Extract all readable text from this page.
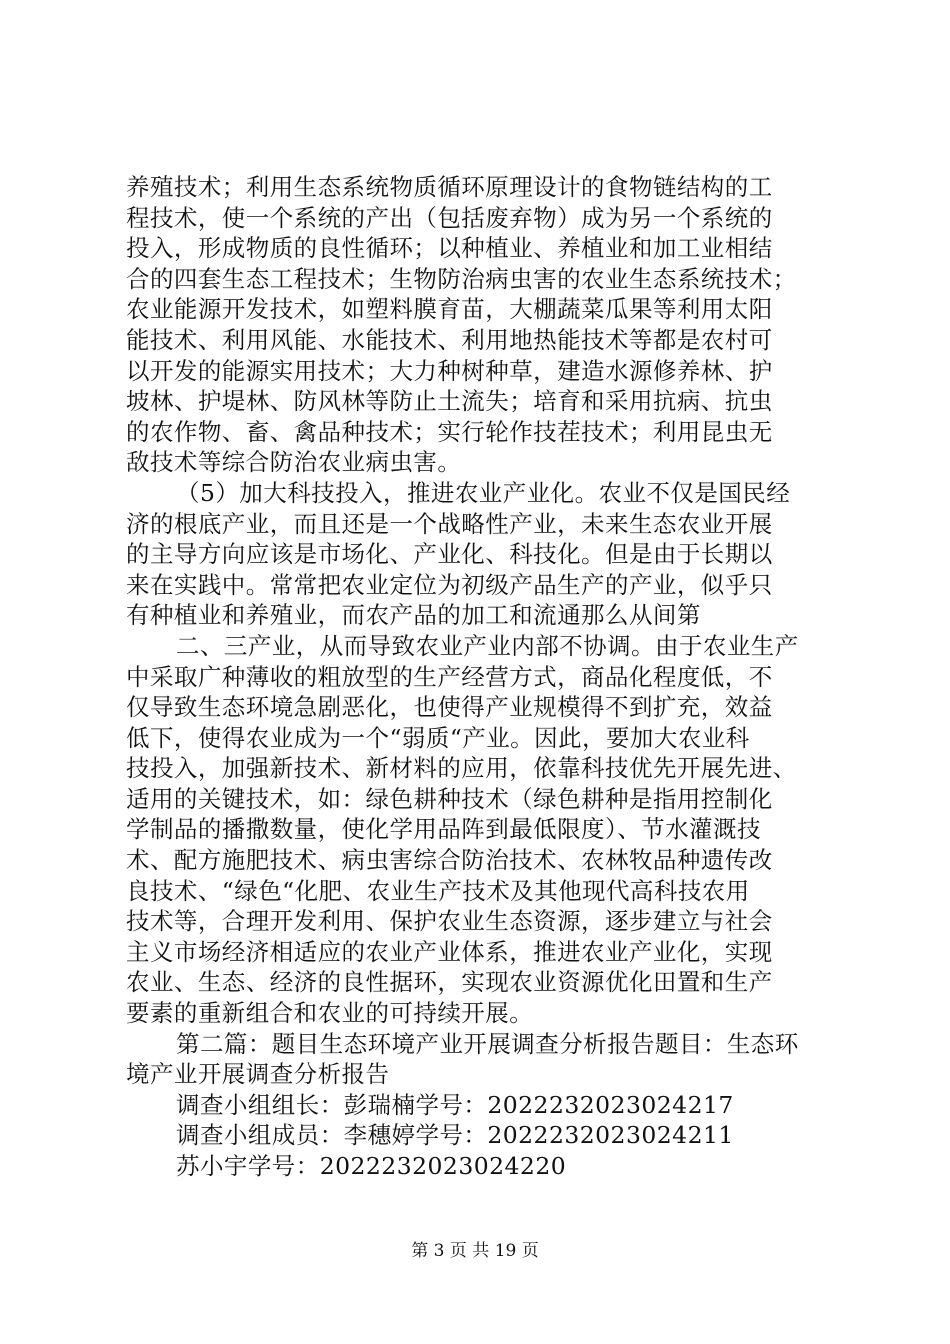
养殖技术；利用生态系统物质循环原理设计的食物链结构的工
程技术，使一个系统的产出（包括废弃物）成为另一个系统的
投入，形成物质的良性循环；以种植业、养植业和加工业相结
合的四套生态工程技术；生物防治病虫害的农业生态系统技术；
农业能源开发技术，如塑料膜育苗，大棚蔬菜瓜果等利用太阳
能技术、利用风能、水能技术、利用地热能技术等都是农村可
以开发的能源实用技术；大力种树种草，建造水源修养林、护
坡林、护堤林、防风林等防止土流失；培育和采用抗病、抗虫
的农作物、畜、禽品种技术；实行轮作技茬技术；利用昆虫无
敌技术等综合防治农业病虫害。
（5）加大科技投入，推进农业产业化。农业不仅是国民经
济的根底产业，而且还是一个战略性产业，未来生态农业开展
的主导方向应该是市场化、产业化、科技化。但是由于长期以
来在实践中。常常把农业定位为初级产品生产的产业，似乎只
有种植业和养殖业，而农产品的加工和流通那么从间第
二、三产业，从而导致农业产业内部不协调。由于农业生产
中采取广种薄收的粗放型的生产经营方式，商品化程度低，不
仅导致生态环境急剧恶化，也使得产业规模得不到扩充，效益
低下，使得农业成为一个“弱质“产业。因此，要加大农业科
技投入，加强新技术、新材料的应用，依靠科技优先开展先进、
适用的关键技术，如：绿色耕种技术（绿色耕种是指用控制化
学制品的播撒数量，使化学用品阵到最低限度）、节水灌溉技
术、配方施肥技术、病虫害综合防治技术、农林牧品种遗传改
良技术、“绿色“化肥、农业生产技术及其他现代高科技农用
技术等，合理开发利用、保护农业生态资源，逐步建立与社会
主义市场经济相适应的农业产业体系，推进农业产业化，实现
农业、生态、经济的良性据环，实现农业资源优化田置和生产
要素的重新组合和农业的可持续开展。
第二篇：题目生态环境产业开展调查分析报告题目：生态环
境产业开展调查分析报告
调查小组组长：彭瑞楠学号：2022232023024217
调查小组成员：李穗婷学号：2022232023024211
苏小宇学号：2022232023024220
第 3 页 共 19 页
